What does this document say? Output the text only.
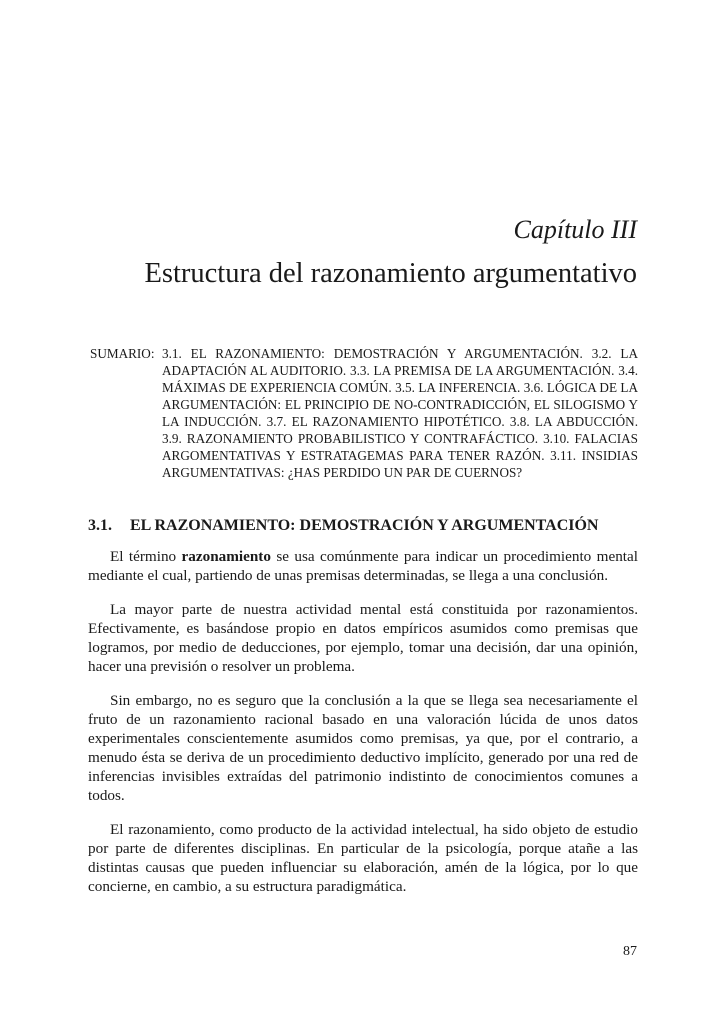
Capítulo III
Estructura del razonamiento argumentativo
SUMARIO: 3.1. EL RAZONAMIENTO: DEMOSTRACIÓN Y ARGUMENTACIÓN. 3.2. LA ADAPTACIÓN AL AUDITORIO. 3.3. LA PREMISA DE LA ARGUMENTACIÓN. 3.4. MÁXIMAS DE EXPERIENCIA COMÚN. 3.5. LA INFERENCIA. 3.6. LÓGICA DE LA ARGUMENTACIÓN: EL PRINCIPIO DE NO-CONTRADICCIÓN, EL SILOGISMO Y LA INDUCCIÓN. 3.7. EL RAZONAMIENTO HIPOTÉTICO. 3.8. LA ABDUCCIÓN. 3.9. RAZONAMIENTO PROBABILISTICO Y CONTRAFÁCTICO. 3.10. FALACIAS ARGOMENTATIVAS Y ESTRATAGEMAS PARA TENER RAZÓN. 3.11. INSIDIAS ARGUMENTATIVAS: ¿HAS PERDIDO UN PAR DE CUERNOS?
3.1. EL RAZONAMIENTO: DEMOSTRACIÓN Y ARGUMENTACIÓN

El término razonamiento se usa comúnmente para indicar un procedimiento mental mediante el cual, partiendo de unas premisas determinadas, se llega a una conclusión.

La mayor parte de nuestra actividad mental está constituida por razonamientos. Efectivamente, es basándose propio en datos empíricos asumidos como premisas que logramos, por medio de deducciones, por ejemplo, tomar una decisión, dar una opinión, hacer una previsión o resolver un problema.

Sin embargo, no es seguro que la conclusión a la que se llega sea necesariamente el fruto de un razonamiento racional basado en una valoración lúcida de unos datos experimentales conscientemente asumidos como premisas, ya que, por el contrario, a menudo ésta se deriva de un procedimiento deductivo implícito, generado por una red de inferencias invisibles extraídas del patrimonio indistinto de conocimientos comunes a todos.

El razonamiento, como producto de la actividad intelectual, ha sido objeto de estudio por parte de diferentes disciplinas. En particular de la psicología, porque atañe a las distintas causas que pueden influenciar su elaboración, amén de la lógica, por lo que concierne, en cambio, a su estructura paradigmática.

87
